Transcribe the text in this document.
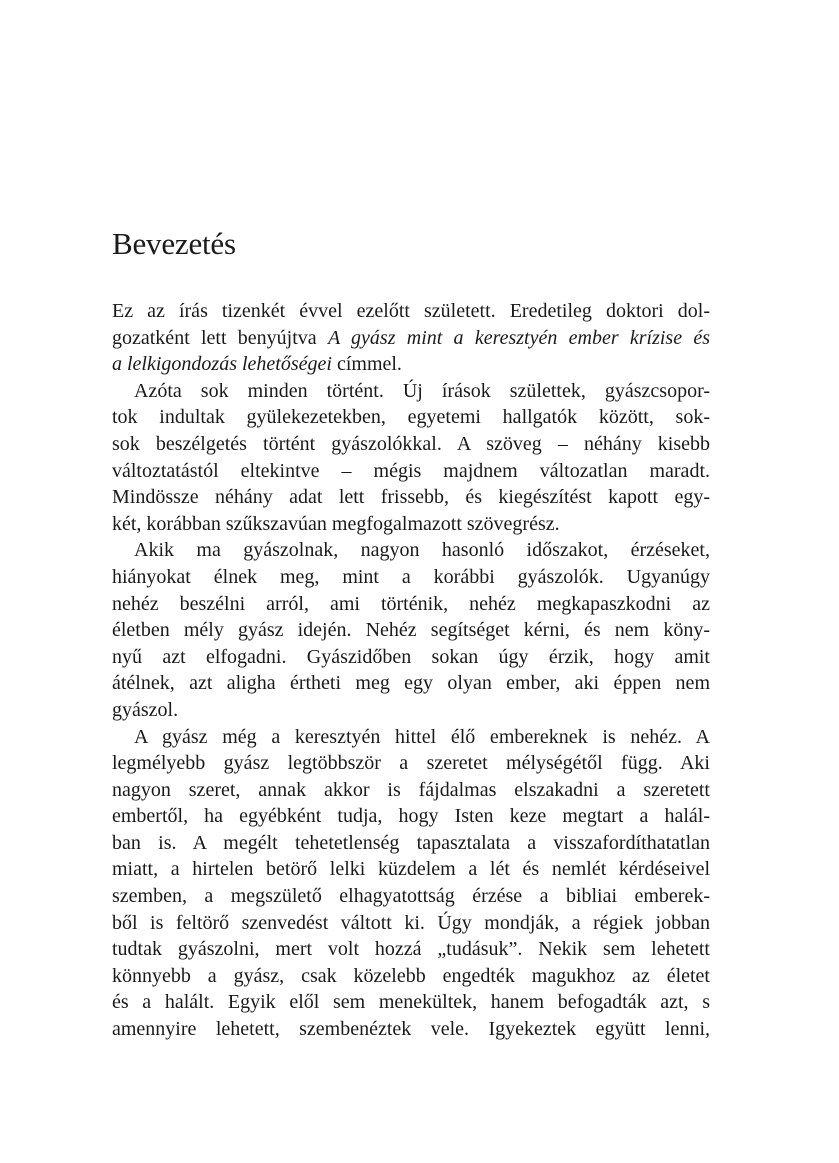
Bevezetés
Ez az írás tizenkét évvel ezelőtt született. Eredetileg doktori dol-
gozatként lett benyújtva A gyász mint a keresztyén ember krízise és
a lelkigondozás lehetőségei címmel.
Azóta sok minden történt. Új írások születtek, gyászcsopor-
tok indultak gyülekezetekben, egyetemi hallgatók között, sok-
sok beszélgetés történt gyászolókkal. A szöveg – néhány kisebb
változtatástól eltekintve – mégis majdnem változatlan maradt.
Mindössze néhány adat lett frissebb, és kiegészítést kapott egy-
két, korábban szűkszavúan megfogalmazott szövegrész.
Akik ma gyászolnak, nagyon hasonló időszakot, érzéseket,
hiányokat élnek meg, mint a korábbi gyászolók. Ugyanúgy
nehéz beszélni arról, ami történik, nehéz megkapaszkodni az
életben mély gyász idején. Nehéz segítséget kérni, és nem köny-
nyű azt elfogadni. Gyászidőben sokan úgy érzik, hogy amit
átélnek, azt aligha értheti meg egy olyan ember, aki éppen nem
gyászol.
A gyász még a keresztyén hittel élő embereknek is nehéz. A
legmélyebb gyász legtöbbször a szeretet mélységétől függ. Aki
nagyon szeret, annak akkor is fájdalmas elszakadni a szeretett
embertől, ha egyébként tudja, hogy Isten keze megtart a halál-
ban is. A megélt tehetetlenség tapasztalata a visszafordíthatatlan
miatt, a hirtelen betörő lelki küzdelem a lét és nemlét kérdéseivel
szemben, a megszülető elhagyatottság érzése a bibliai emberek-
ből is feltörő szenvedést váltott ki. Úgy mondják, a régiek jobban
tudtak gyászolni, mert volt hozzá „tudásuk”. Nekik sem lehetett
könnyebb a gyász, csak közelebb engedték magukhoz az életet
és a halált. Egyik elől sem menekültek, hanem befogadták azt, s
amennyire lehetett, szembenéztek vele. Igyekeztek együtt lenni,
